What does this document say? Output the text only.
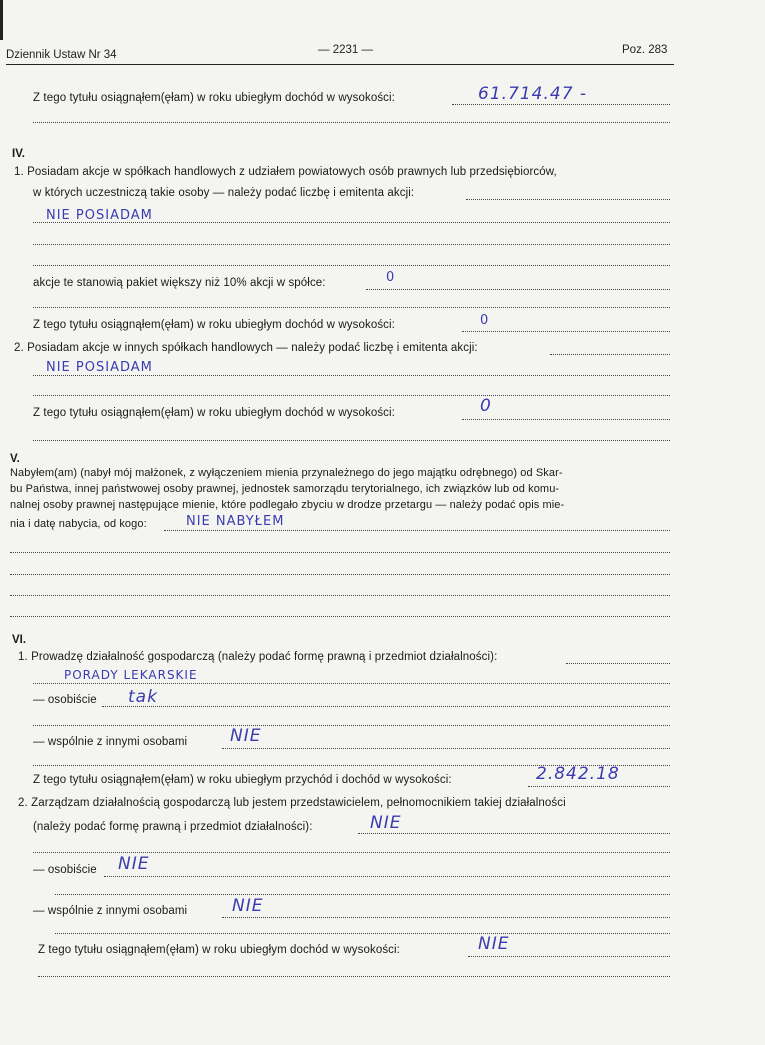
Dziennik Ustaw Nr 34	— 2231 —	Poz. 283
Z tego tytułu osiągnąłem(ęłam) w roku ubiegłym dochód w wysokości:	61.714.47 -
IV.
1. Posiadam akcje w spółkach handlowych z udziałem powiatowych osób prawnych lub przedsiębiorców,
w których uczestniczą takie osoby — należy podać liczbę i emitenta akcji:
NIE POSIADAM
akcje te stanowią pakiet większy niż 10% akcji w spółce:	0
Z tego tytułu osiągnąłem(ęłam) w roku ubiegłym dochód w wysokości:	0
2. Posiadam akcje w innych spółkach handlowych — należy podać liczbę i emitenta akcji:
NIE POSIADAM
Z tego tytułu osiągnąłem(ęłam) w roku ubiegłym dochód w wysokości:	0
V.
Nabyłem(am) (nabył mój małżonek, z wyłączeniem mienia przynależnego do jego majątku odrębnego) od Skar-
bu Państwa, innej państwowej osoby prawnej, jednostek samorządu terytorialnego, ich związków lub od komu-
nalnej osoby prawnej następujące mienie, które podlegało zbyciu w drodze przetargu — należy podać opis mie-
nia i datę nabycia, od kogo:	NIE NABYŁEM
VI.
1. Prowadzę działalność gospodarczą (należy podać formę prawną i przedmiot działalności):
PORADY LEKARSKIE
— osobiście tak
— wspólnie z innymi osobami	NIE
Z tego tytułu osiągnąłem(ęłam) w roku ubiegłym przychód i dochód w wysokości:	2.842.18
2. Zarządzam działalnością gospodarczą lub jestem przedstawicielem, pełnomocnikiem takiej działalności
(należy podać formę prawną i przedmiot działalności):	NIE
— osobiście NIE
— wspólnie z innymi osobami	NIE
Z tego tytułu osiągnąłem(ęłam) w roku ubiegłym dochód w wysokości:	NIE
